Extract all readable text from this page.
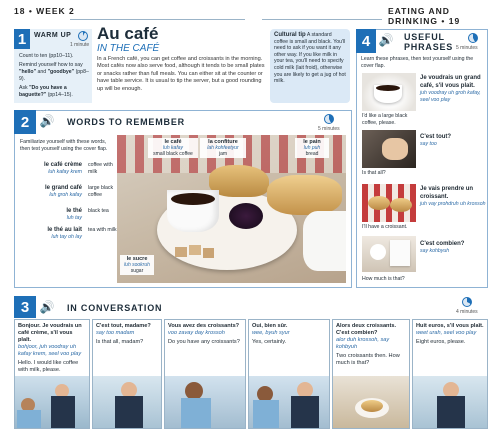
18 • WEEK 2	EATING AND DRINKING • 19
1	WARM UP
1 minute
Count to ten (pp10–11).
Remind yourself how to say "hello" and "goodbye" (pp8–9).
Ask "Do you have a baguette?" (pp14–15).
Au café
IN THE CAFÉ
In a French café, you can get coffee and croissants in the morning. Most cafés now also serve food, although it tends to be small plates or snacks rather than full meals. You can either sit at the counter or have table service. It is usual to tip the server, but a good rounding up will be enough.
Cultural tip A standard coffee is small and black. You'll need to ask if you want it any other way. If you like milk in your tea, you'll need to specify cold milk (lait froid), otherwise you are likely to get a jug of hot milk.
2 🔊 WORDS TO REMEMBER
5 minutes
Familiarize yourself with these words, then test yourself using the cover flap.
le café crème
luh kafay krem
coffee with milk
le grand café
luh groh kafay
large black coffee
le thé
luh tay
black tea
le thé au lait
luh tay oh lay
tea with milk
le café
luh kafay
small black coffee
la confiture
lah kohfeetyur
jam
le pain
luh puh
bread
le sucre
luh sookruh
sugar
4 🔊 USEFUL PHRASES 5 minutes
Learn these phrases, then test yourself using the cover flap.
Je voudrais un grand café, s'il vous plaît.
juh voodray uh groh kafay, seel voo play
I'd like a large black coffee, please.
C'est tout?
say too
Is that all?
Je vais prendre un croissant.
juh vay prohdruh uh krossoh
I'll have a croissant.
C'est combien?
say kohbyuh
How much is that?
3 🔊 IN CONVERSATION	4 minutes
Bonjour. Je voudrais un café crème, s'il vous plaît.
bohjoor, juh voodray uh kafay krem, seel voo play
Hello. I would like coffee with milk, please.
C'est tout, madame?
say too madam
Is that all, madam?
Vous avez des croissants?
voo zavay day krossoh
Do you have any croissants?
Oui, bien sûr.
wee, byuh syur
Yes, certainly.
Alors deux croissants. C'est combien?
alor duh krossoh, say kohbyuh
Two croissants then. How much is that?
Huit euros, s'il vous plaît.
weet urah, seel voo play
Eight euros, please.
